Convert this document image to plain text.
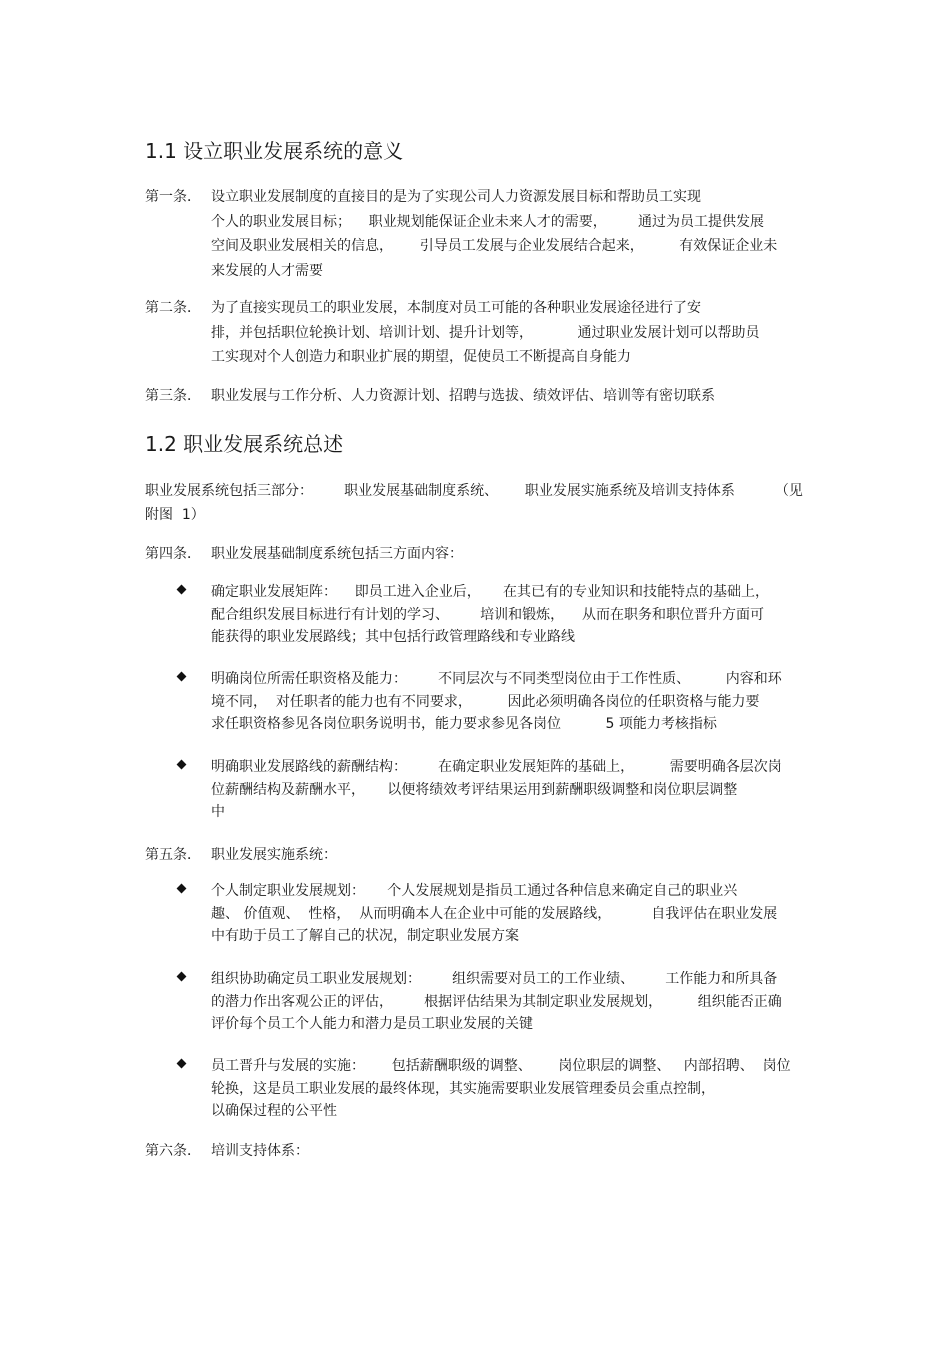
1.1 设立职业发展系统的意义
第一条． 设立职业发展制度的直接目的是为了实现公司人力资源发展目标和帮助员工实现
个人的职业发展目标；    职业规划能保证企业未来人才的需要，       通过为员工提供发展
空间及职业发展相关的信息，      引导员工发展与企业发展结合起来，        有效保证企业未
来发展的人才需要
第二条． 为了直接实现员工的职业发展，本制度对员工可能的各种职业发展途径进行了安
排，并包括职位轮换计划、培训计划、提升计划等，          通过职业发展计划可以帮助员
工实现对个人创造力和职业扩展的期望，促使员工不断提高自身能力
第三条． 职业发展与工作分析、人力资源计划、招聘与选拔、绩效评估、培训等有密切联系
1.2 职业发展系统总述
职业发展系统包括三部分：       职业发展基础制度系统、      职业发展实施系统及培训支持体系         （见
附图  1）
第四条． 职业发展基础制度系统包括三方面内容：
确定职业发展矩阵：    即员工进入企业后，     在其已有的专业知识和技能特点的基础上，
配合组织发展目标进行有计划的学习、       培训和锻炼，    从而在职务和职位晋升方面可
能获得的职业发展路线；其中包括行政管理路线和专业路线
明确岗位所需任职资格及能力：       不同层次与不同类型岗位由于工作性质、        内容和环
境不同，  对任职者的能力也有不同要求，        因此必须明确各岗位的任职资格与能力要
求任职资格参见各岗位职务说明书，能力要求参见各岗位          5 项能力考核指标
明确职业发展路线的薪酬结构：       在确定职业发展矩阵的基础上，        需要明确各层次岗
位薪酬结构及薪酬水平，     以便将绩效考评结果运用到薪酬职级调整和岗位职层调整
中
第五条． 职业发展实施系统：
个人制定职业发展规划：     个人发展规划是指员工通过各种信息来确定自己的职业兴
趣、 价值观、  性格，  从而明确本人在企业中可能的发展路线，         自我评估在职业发展
中有助于员工了解自己的状况，制定职业发展方案
组织协助确定员工职业发展规划：       组织需要对员工的工作业绩、       工作能力和所具备
的潜力作出客观公正的评估，       根据评估结果为其制定职业发展规划，        组织能否正确
评价每个员工个人能力和潜力是员工职业发展的关键
员工晋升与发展的实施：      包括薪酬职级的调整、      岗位职层的调整、   内部招聘、  岗位
轮换，这是员工职业发展的最终体现，其实施需要职业发展管理委员会重点控制，
以确保过程的公平性
第六条． 培训支持体系：
